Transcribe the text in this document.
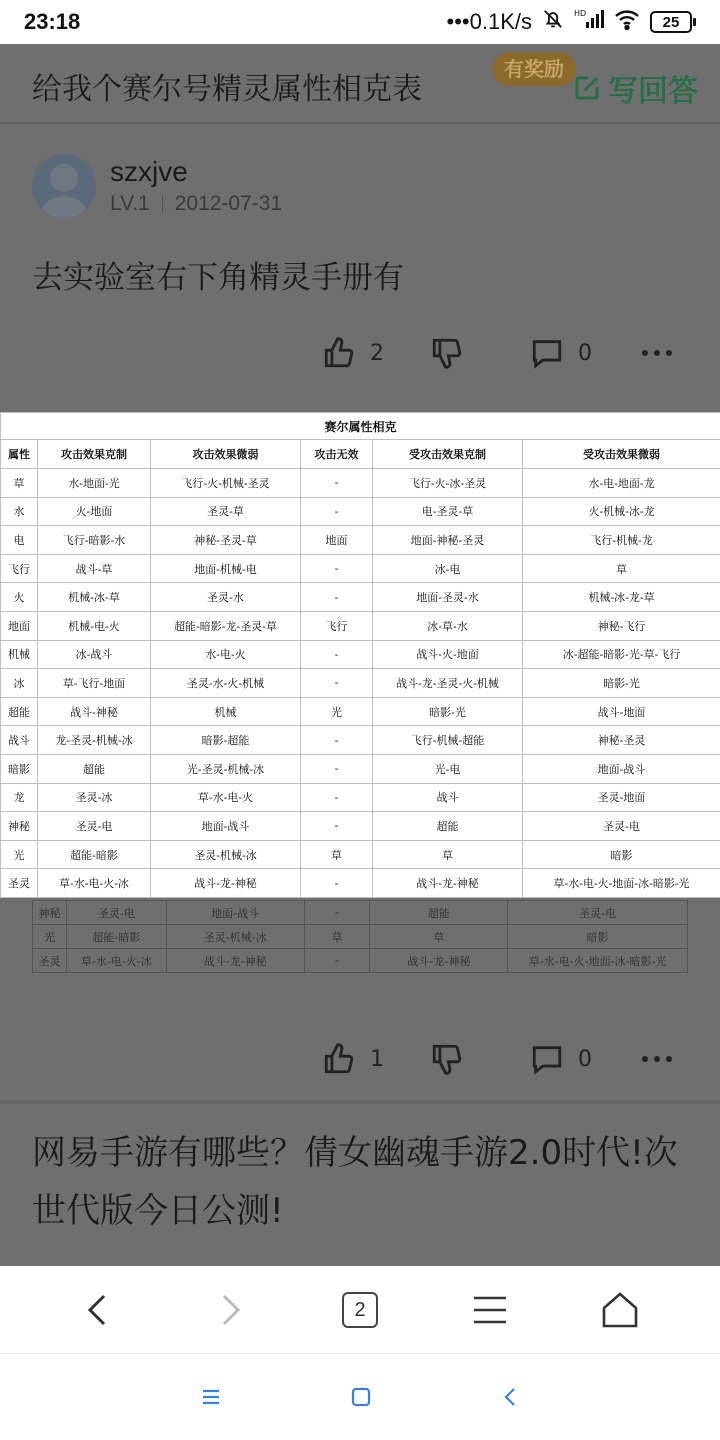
23:18	•••0.1K/s	HD	25
给我个赛尔号精灵属性相克表
有奖励
写回答
szxjve
LV.1 2012-07-31
去实验室右下角精灵手册有
2	0
神秘	圣灵-电	地面-战斗	-	超能	圣灵-电
光	超能-暗影	圣灵-机械-冰	草	草	暗影
圣灵	草-水-电-火-冰	战斗-龙-神秘	-	战斗-龙-神秘	草-水-电-火-地面-冰-暗影-光
1	0
网易手游有哪些？倩女幽魂手游2.0时代!次世代版今日公测!
赛尔属性相克					
属性	攻击效果克制	攻击效果微弱	攻击无效	受攻击效果克制	受攻击效果微弱
草	水-地面-光	飞行-火-机械-圣灵	-	飞行-火-冰-圣灵	水-电-地面-龙
水	火-地面	圣灵-草	-	电-圣灵-草	火-机械-冰-龙
电	飞行-暗影-水	神秘-圣灵-草	地面	地面-神秘-圣灵	飞行-机械-龙
飞行	战斗-草	地面-机械-电	-	冰-电	草
火	机械-冰-草	圣灵-水	-	地面-圣灵-水	机械-冰-龙-草
地面	机械-电-火	超能-暗影-龙-圣灵-草	飞行	冰-草-水	神秘-飞行
机械	冰-战斗	水-电-火	-	战斗-火-地面	冰-超能-暗影-光-草-飞行
冰	草-飞行-地面	圣灵-水-火-机械	-	战斗-龙-圣灵-火-机械	暗影-光
超能	战斗-神秘	机械	光	暗影-光	战斗-地面
战斗	龙-圣灵-机械-冰	暗影-超能	-	飞行-机械-超能	神秘-圣灵
暗影	超能	光-圣灵-机械-冰	-	光-电	地面-战斗
龙	圣灵-冰	草-水-电-火	-	战斗	圣灵-地面
神秘	圣灵-电	地面-战斗	-	超能	圣灵-电
光	超能-暗影	圣灵-机械-冰	草	草	暗影
圣灵	草-水-电-火-冰	战斗-龙-神秘	-	战斗-龙-神秘	草-水-电-火-地面-冰-暗影-光
2
